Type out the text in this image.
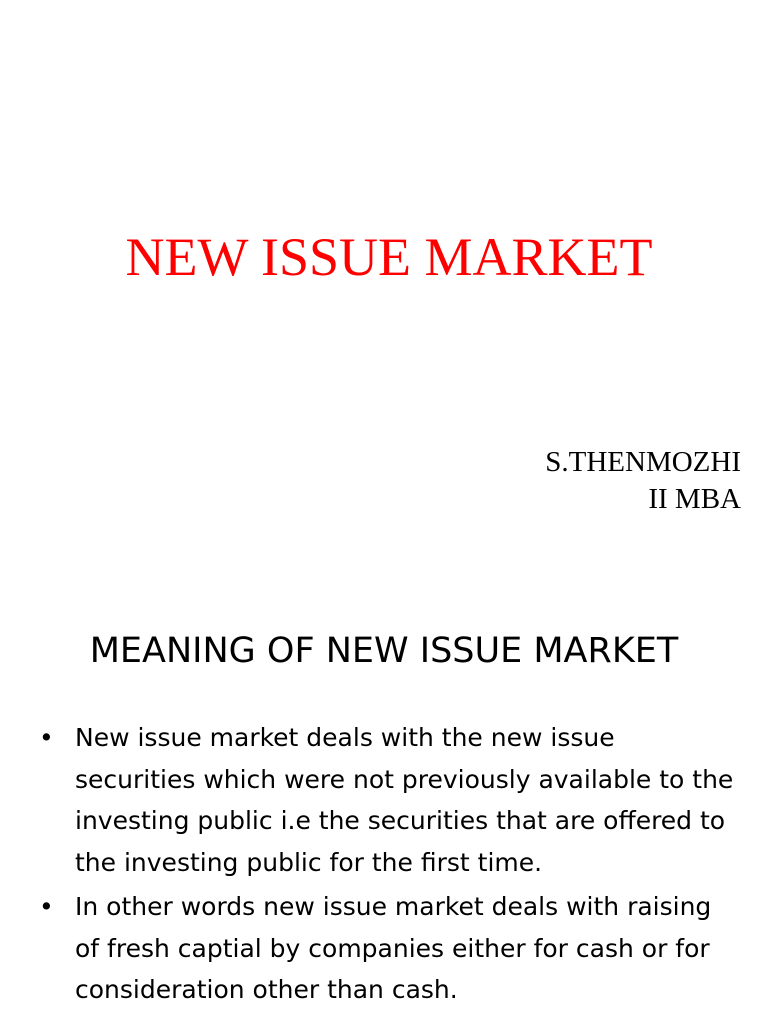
NEW ISSUE MARKET
S.THENMOZHI
II MBA
MEANING OF NEW ISSUE MARKET
• New issue market deals with the new issue securities which were not previously available to the investing public i.e the securities that are offered to the investing public for the first time.
• In other words new issue market deals with raising of fresh captial by companies either for cash or for consideration other than cash.
